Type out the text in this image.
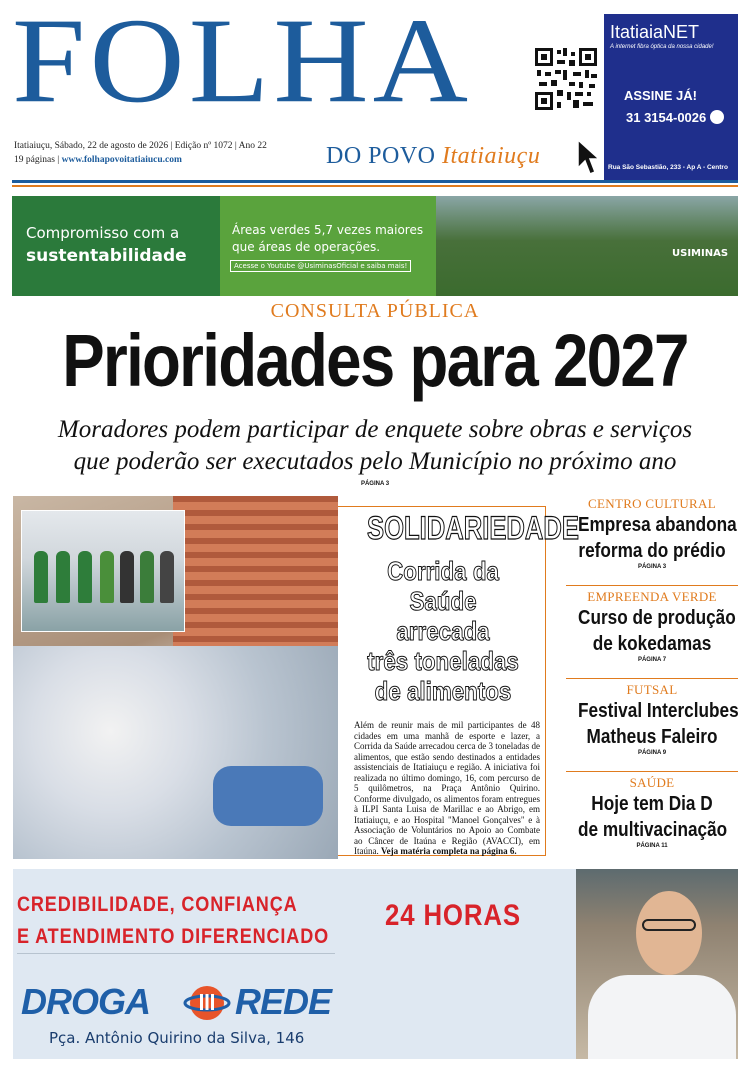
FOLHA	ItatiaiaNET
A internet fibra óptica da nossa cidade!
ASSINE JÁ!
31 3154-0026
Rua São Sebastião, 233 - Ap A - Centro
Itatiaiuçu, Sábado, 22 de agosto de 2026 | Edição nº 1072 | Ano 22
19 páginas | www.folhapovoitatiaiucu.com	DO POVO Itatiaiuçu
Compromisso com a
sustentabilidade
Áreas verdes 5,7 vezes maiores que áreas de operações.
Acesse o Youtube @UsiminasOficial e saiba mais!
USIMINAS
CONSULTA PÚBLICA
Prioridades para 2027
Moradores podem participar de enquete sobre obras e serviços
que poderão ser executados pelo Município no próximo ano
PÁGINA 3
SOLIDARIEDADE
Corrida da
Saúde
arrecada
três toneladas
de alimentos
Além de reunir mais de mil participantes de 48 cidades em uma manhã de esporte e lazer, a Corrida da Saúde arrecadou cerca de 3 toneladas de alimentos, que estão sendo destinados a entidades assistenciais de Itatiaiuçu e região. A iniciativa foi realizada no último domingo, 16, com percurso de 5 quilômetros, na Praça Antônio Quirino. Conforme divulgado, os alimentos foram entregues à ILPI Santa Luisa de Marillac e ao Abrigo, em Itatiaiuçu, e ao Hospital "Manoel Gonçalves" e à Associação de Voluntários no Apoio ao Combate ao Câncer de Itaúna e Região (AVACCI), em Itaúna. Veja matéria completa na página 6.
CENTRO CULTURAL
Empresa abandona
reforma do prédio
PÁGINA 3
EMPREENDA VERDE
Curso de produção
de kokedamas
PÁGINA 7
FUTSAL
Festival Interclubes
Matheus Faleiro
PÁGINA 9
SAÚDE
Hoje tem Dia D
de multivacinação
PÁGINA 11
CREDIBILIDADE, CONFIANÇA
E ATENDIMENTO DIFERENCIADO
24 HORAS
DROGA REDE
Pça. Antônio Quirino da Silva, 146
